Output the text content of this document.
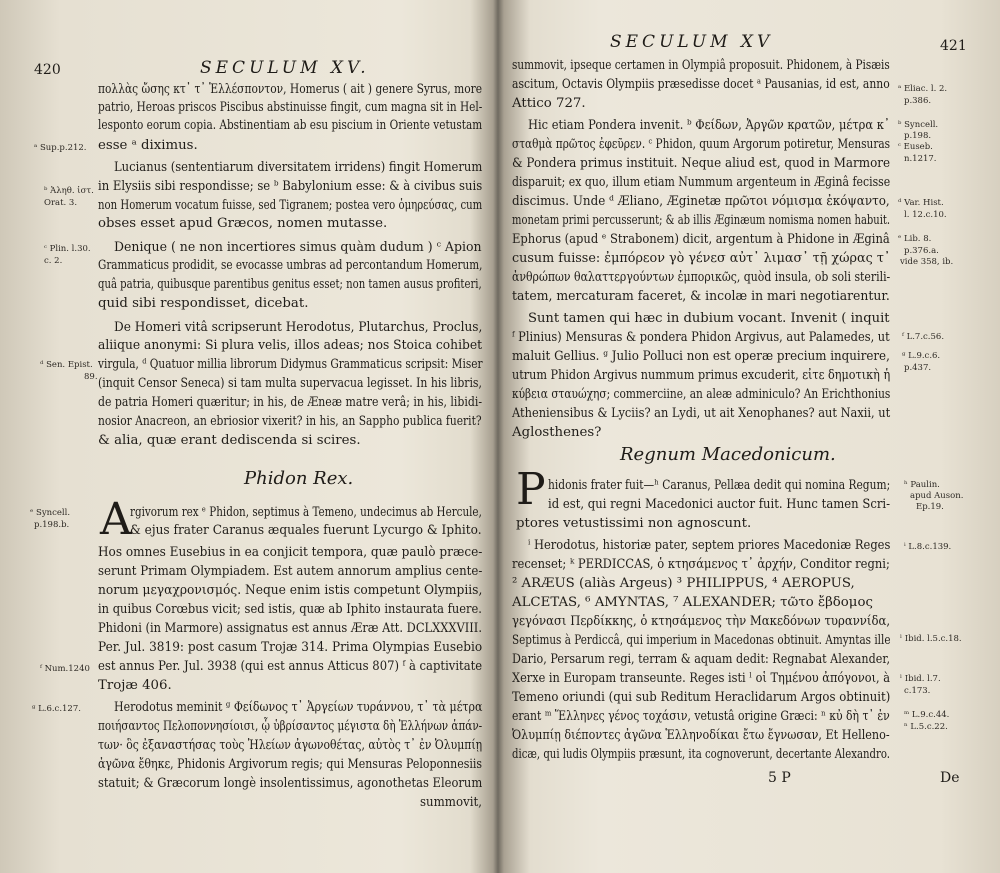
420	SECULUM XV.
πολλὰς ὤσης κτ᾽ τ᾽ Ἑλλέσποντον, Homerus ( ait ) genere Syrus, more
patrio, Heroas priscos Piscibus abstinuisse fingit, cum magna sit in Hel-
lesponto eorum copia. Abstinentiam ab esu piscium in Oriente vetustam
esse ᵃ diximus.
Lucianus (sententiarum diversitatem irridens) fingit Homerum
in Elysiis sibi respondisse; se ᵇ Babylonium esse: & à civibus suis
non Homerum vocatum fuisse, sed Tigranem; postea vero ὁμηρεύσας, cum
obses esset apud Græcos, nomen mutasse.
Denique ( ne non incertiores simus quàm dudum ) ᶜ Apion
Grammaticus prodidit, se evocasse umbras ad percontandum Homerum,
quâ patria, quibusque parentibus genitus esset; non tamen ausus profiteri,
quid sibi respondisset, dicebat.
De Homeri vitâ scripserunt Herodotus, Plutarchus, Proclus,
aliique anonymi: Si plura velis, illos adeas; nos Stoica cohibet
virgula, ᵈ Quatuor millia librorum Didymus Grammaticus scripsit: Miser
(inquit Censor Seneca) si tam multa supervacua legisset. In his libris,
de patria Homeri quæritur; in his, de Æneæ matre verâ; in his, libidi-
nosior Anacreon, an ebriosior vixerit? in his, an Sappho publica fuerit?
& alia, quæ erant dediscenda si scires.
Phidon Rex.
A
rgivorum rex ᵉ Phidon, septimus à Temeno, undecimus ab Hercule,
& ejus frater Caranus æquales fuerunt Lycurgo & Iphito.
Hos omnes Eusebius in ea conjicit tempora, quæ paulò præce-
serunt Primam Olympiadem. Est autem annorum amplius cente-
norum μεγαχρονισμός. Neque enim istis competunt Olympiis,
in quibus Corœbus vicit; sed istis, quæ ab Iphito instaurata fuere.
Phidoni (in Marmore) assignatus est annus Æræ Att. DCLXXXVIII.
Per. Jul. 3819: post casum Trojæ 314. Prima Olympias Eusebio
est annus Per. Jul. 3938 (qui est annus Atticus 807) ᶠ à captivitate
Trojæ 406.
Herodotus meminit ᵍ Φείδωνος τ᾽ Ἀργείων τυράννου, τ᾽ τὰ μέτρα
ποιήσαντος Πελοποννησίοισι, ᾧ ὑβρίσαντος μέγιστα δὴ Ἑλλήνων ἁπάν-
των· ὃς ἐξαναστήσας τοὺς Ἠλείων ἀγωνοθέτας, αὐτὸς τ᾽ ἐν Ὀλυμπίῃ
ἀγῶνα ἔθηκε, Phidonis Argivorum regis; qui Mensuras Peloponnesiis
statuit; & Græcorum longè insolentissimus, agonothetas Eleorum
summovit,
ᵃ Sup.p.212.
ᵇ Ἀληθ. ἱστ.
Orat. 3.
ᶜ Plin. l.30.
c. 2.
ᵈ Sen. Epist.
89.
ᵉ Syncell.
p.198.b.
ᶠ Num.1240
ᵍ L.6.c.127.
SECULUM XV	421
summovit, ipseque certamen in Olympiâ proposuit. Phidonem, à Pisæis
ascitum, Octavis Olympiis præsedisse docet ᵃ Pausanias, id est, anno
Attico 727.
Hic etiam Pondera invenit. ᵇ Φείδων, Ἀργῶν κρατῶν, μέτρα κ᾽
σταθμὰ πρῶτος ἐφεῦρεν. ᶜ Phidon, quum Argorum potiretur, Mensuras
& Pondera primus instituit. Neque aliud est, quod in Marmore
disparuit; ex quo, illum etiam Nummum argenteum in Æginâ fecisse
discimus. Unde ᵈ Æliano, Æginetæ πρῶτοι νόμισμα ἐκόψαντο,
monetam primi percusserunt; & ab illis Æginæum nomisma nomen habuit.
Ephorus (apud ᵉ Strabonem) dicit, argentum à Phidone in Æginâ
cusum fuisse: ἐμπόρεον γὸ γένεσ αὐτ᾽ λιμασ᾽ τῇ χώρας τ᾽
ἀνθρώπων θαλαττεργούντων ἐμπορικῶς, quòd insula, ob soli sterili-
tatem, mercaturam faceret, & incolæ in mari negotiarentur.
Sunt tamen qui hæc in dubium vocant. Invenit ( inquit
ᶠ Plinius) Mensuras & pondera Phidon Argivus, aut Palamedes, ut
maluit Gellius. ᵍ Julio Polluci non est operæ precium inquirere,
utrum Phidon Argivus nummum primus excuderit, εἰτε δημοτικὴ ἡ
κύβεια σταυώχησ; commerciine, an aleæ adminiculo? An Erichthonius
Atheniensibus & Lyciis? an Lydi, ut ait Xenophanes? aut Naxii, ut
Aglosthenes?
Regnum Macedonicum.
P hidonis frater fuit—ʰ Caranus, Pellæa dedit qui nomina Regum;
id est, qui regni Macedonici auctor fuit. Hunc tamen Scri-
ptores vetustissimi non agnoscunt.
ⁱ Herodotus, historiæ pater, septem priores Macedoniæ Reges
recenset; ᵏ PERDICCAS, ὁ κτησάμενος τ᾽ ἀρχήν, Conditor regni;
² ARÆUS (aliàs Argeus) ³ PHILIPPUS, ⁴ AEROPUS,
ALCETAS, ⁶ AMYNTAS, ⁷ ALEXANDER; τῶτο ἔβδομος
γεγόνασι Περδίκκης, ὁ κτησάμενος τὴν Μακεδόνων τυραννίδα,
Septimus à Perdiccâ, qui imperium in Macedonas obtinuit. Amyntas ille
Dario, Persarum regi, terram & aquam dedit: Regnabat Alexander,
Xerxe in Europam transeunte. Reges isti ˡ οἱ Τημένου ἀπόγονοι, à
Temeno oriundi (qui sub Reditum Heraclidarum Argos obtinuit)
erant ᵐ Ἕλληνες γένος τοχάσιν, vetustâ origine Græci: ⁿ κὐ δὴ τ᾽ ἐν
Ὀλυμπίῃ διέποντες ἀγῶνα Ἑλληνοδίκαι ἔτω ἔγνωσαν, Et Helleno-
dicæ, qui ludis Olympiis præsunt, ita cognoverunt, decertante Alexandro.
5 P	De
ᵃ Eliac. l. 2.
p.386.
ᵇ Syncell.
p.198.
ᶜ Euseb.
n.1217.
ᵈ Var. Hist.
l. 12.c.10.
ᵉ Lib. 8.
p.376.a.
vide 358, ib.
ᶠ L.7.c.56.
ᵍ L.9.c.6.
p.437.
ʰ Paulin.
apud Auson.
Ep.19.
ⁱ L.8.c.139.
ˡ Ibid. l.5.c.18.
ˡ Ibid. l.7.
c.173.
ᵐ L.9.c.44.
ⁿ L.5.c.22.
